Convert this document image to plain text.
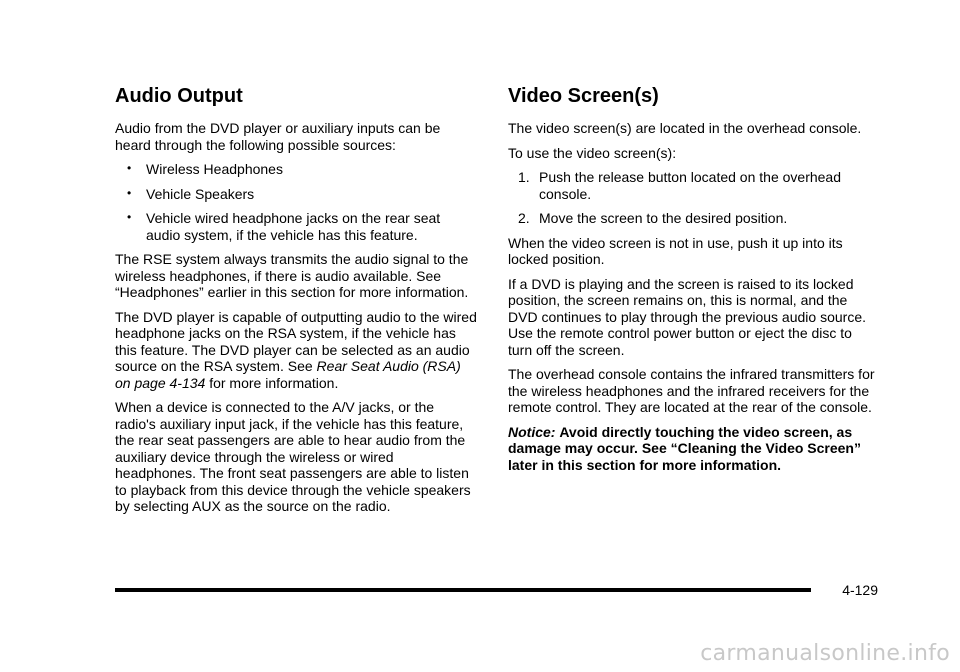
Audio Output

Audio from the DVD player or auxiliary inputs can be heard through the following possible sources:

• Wireless Headphones
• Vehicle Speakers
• Vehicle wired headphone jacks on the rear seat audio system, if the vehicle has this feature.

The RSE system always transmits the audio signal to the wireless headphones, if there is audio available. See “Headphones” earlier in this section for more information.

The DVD player is capable of outputting audio to the wired headphone jacks on the RSA system, if the vehicle has this feature. The DVD player can be selected as an audio source on the RSA system. See Rear Seat Audio (RSA) on page 4‑134 for more information.

When a device is connected to the A/V jacks, or the radio's auxiliary input jack, if the vehicle has this feature, the rear seat passengers are able to hear audio from the auxiliary device through the wireless or wired headphones. The front seat passengers are able to listen to playback from this device through the vehicle speakers by selecting AUX as the source on the radio.

Video Screen(s)

The video screen(s) are located in the overhead console.

To use the video screen(s):

1. Push the release button located on the overhead console.
2. Move the screen to the desired position.

When the video screen is not in use, push it up into its locked position.

If a DVD is playing and the screen is raised to its locked position, the screen remains on, this is normal, and the DVD continues to play through the previous audio source. Use the remote control power button or eject the disc to turn off the screen.

The overhead console contains the infrared transmitters for the wireless headphones and the infrared receivers for the remote control. They are located at the rear of the console.

Notice: Avoid directly touching the video screen, as damage may occur. See “Cleaning the Video Screen” later in this section for more information.

4-129
carmanualsonline.info
